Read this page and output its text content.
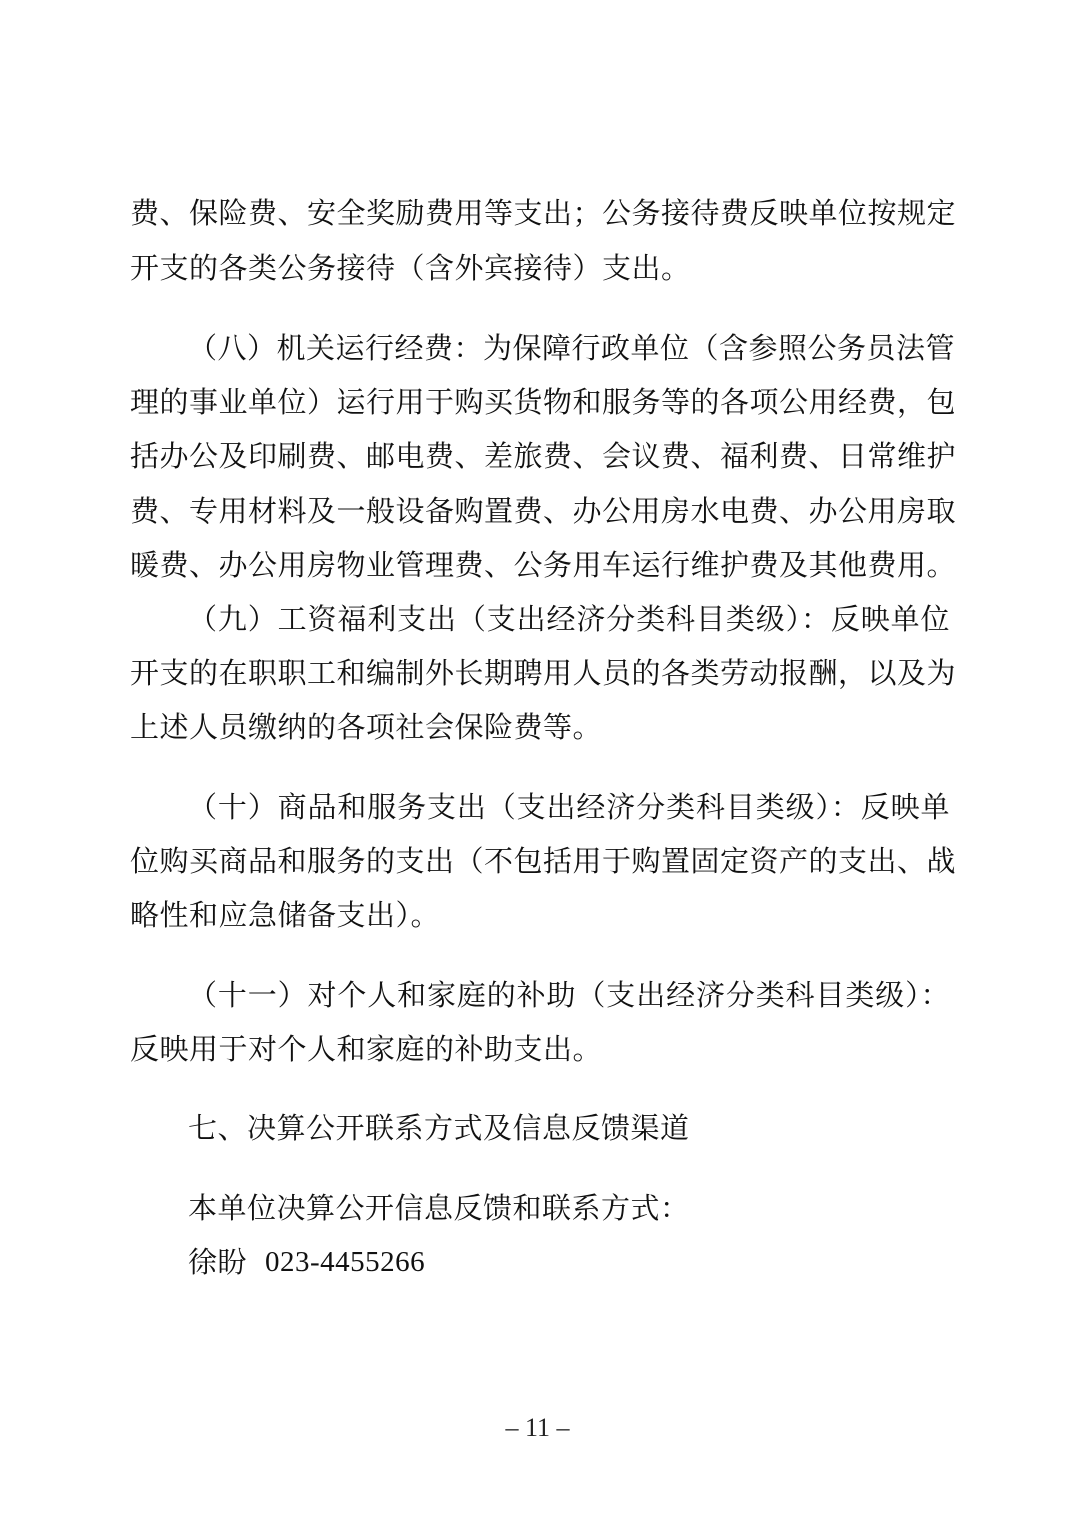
费、保险费、安全奖励费用等支出；公务接待费反映单位按规定
开支的各类公务接待（含外宾接待）支出。
（八）机关运行经费：为保障行政单位（含参照公务员法管
理的事业单位）运行用于购买货物和服务等的各项公用经费，包
括办公及印刷费、邮电费、差旅费、会议费、福利费、日常维护
费、专用材料及一般设备购置费、办公用房水电费、办公用房取
暖费、办公用房物业管理费、公务用车运行维护费及其他费用。
（九）工资福利支出（支出经济分类科目类级）：反映单位
开支的在职职工和编制外长期聘用人员的各类劳动报酬，以及为
上述人员缴纳的各项社会保险费等。
（十）商品和服务支出（支出经济分类科目类级）：反映单
位购买商品和服务的支出（不包括用于购置固定资产的支出、战
略性和应急储备支出）。
（十一）对个人和家庭的补助（支出经济分类科目类级）：
反映用于对个人和家庭的补助支出。
七、决算公开联系方式及信息反馈渠道
本单位决算公开信息反馈和联系方式：
徐盼 023-4455266
– 11 –
